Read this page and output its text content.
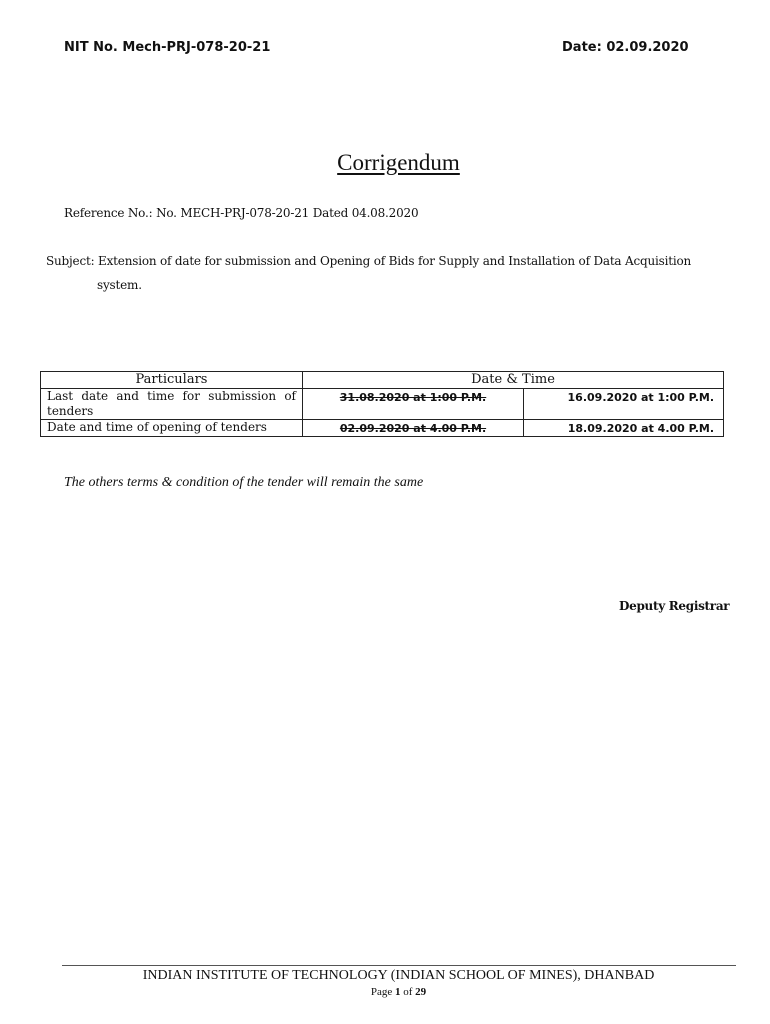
NIT No. Mech-PRJ-078-20-21	Date: 02.09.2020
Corrigendum
Reference No.: No. MECH-PRJ-078-20-21 Dated 04.08.2020
Subject: Extension of date for submission and Opening of Bids for Supply and Installation of Data Acquisition
system.
Particulars	Date & Time	
Last date and time for submission of tenders	31.08.2020 at 1:00 P.M.	16.09.2020 at 1:00 P.M.
Date and time of opening of tenders	02.09.2020 at 4.00 P.M.	18.09.2020 at 4.00 P.M.
The others terms & condition of the tender will remain the same
Deputy Registrar
INDIAN INSTITUTE OF TECHNOLOGY (INDIAN SCHOOL OF MINES), DHANBAD
Page 1 of 29
